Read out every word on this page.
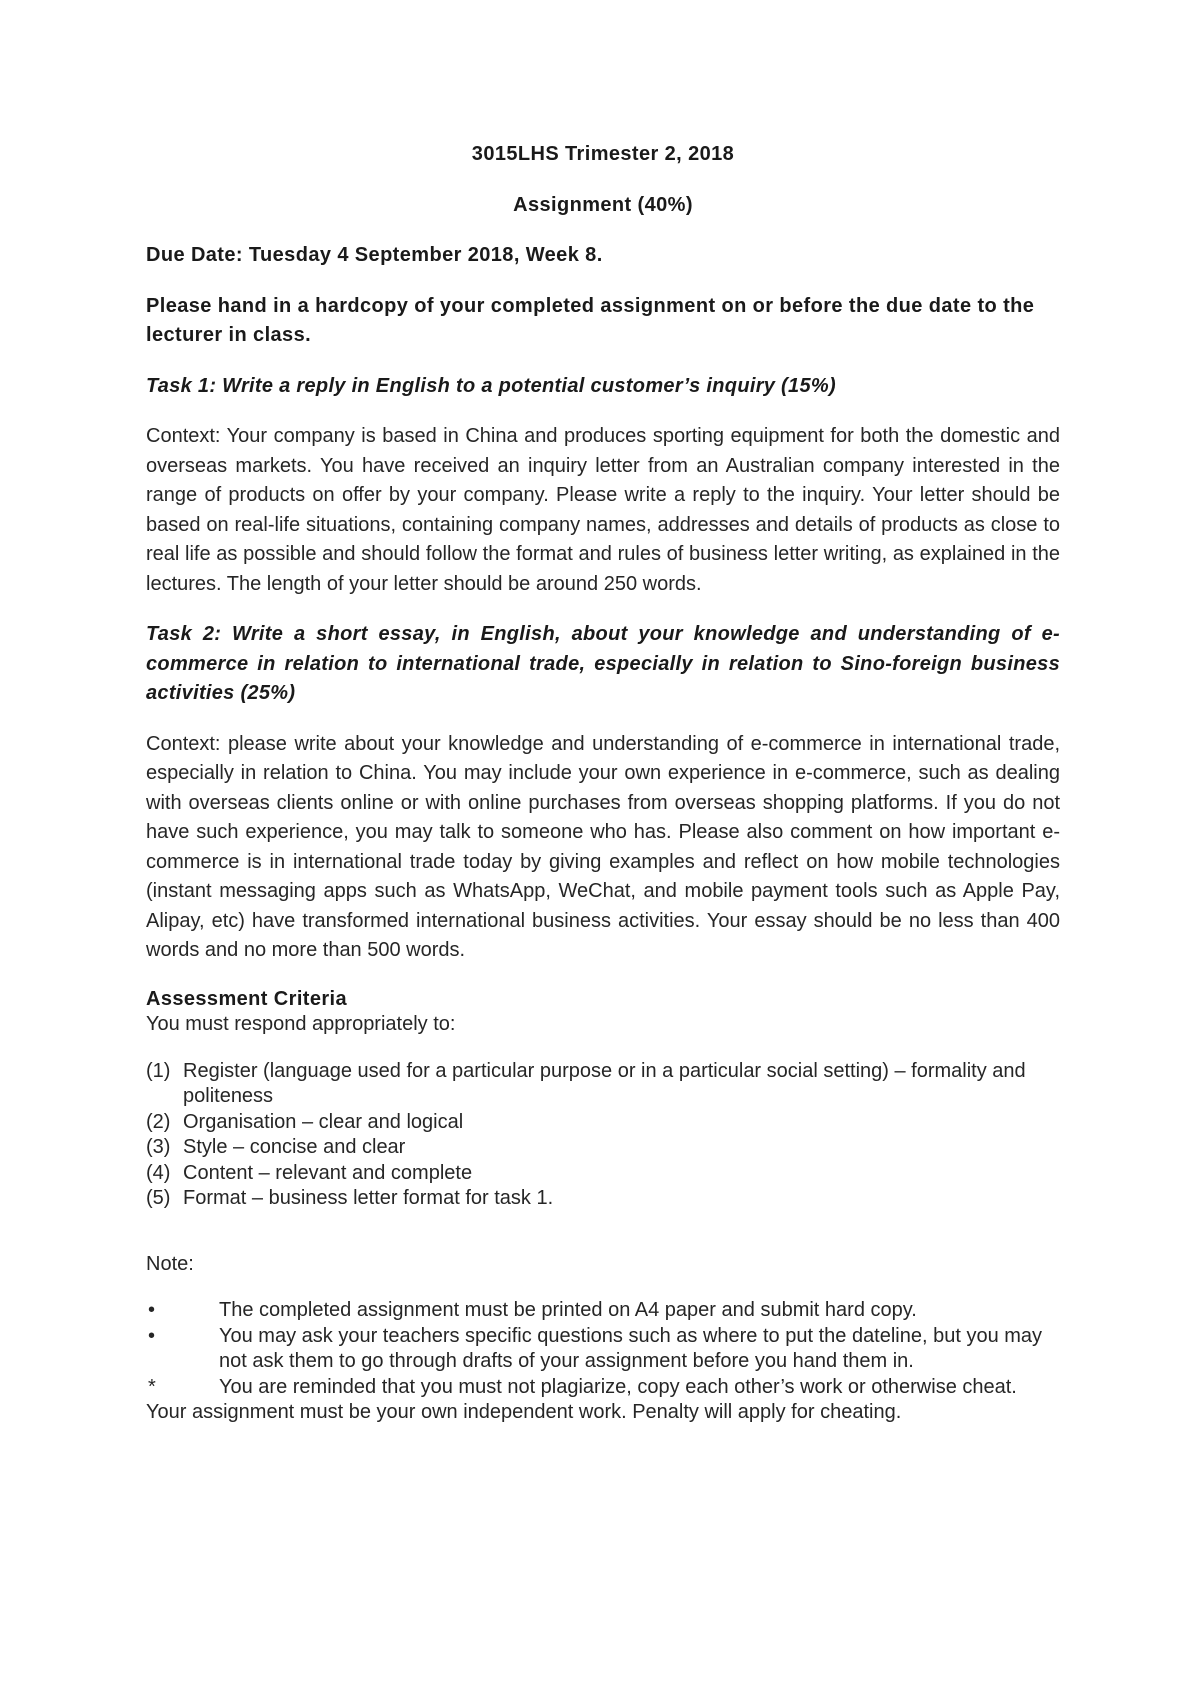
3015LHS Trimester 2, 2018
Assignment (40%)
Due Date: Tuesday 4 September 2018, Week 8.
Please hand in a hardcopy of your completed assignment on or before the due date to the lecturer in class.
Task 1: Write a reply in English to a potential customer’s inquiry (15%)
Context: Your company is based in China and produces sporting equipment for both the domestic and overseas markets. You have received an inquiry letter from an Australian company interested in the range of products on offer by your company. Please write a reply to the inquiry. Your letter should be based on real-life situations, containing company names, addresses and details of products as close to real life as possible and should follow the format and rules of business letter writing, as explained in the lectures. The length of your letter should be around 250 words.
Task 2: Write a short essay, in English, about your knowledge and understanding of e-commerce in relation to international trade, especially in relation to Sino-foreign business activities (25%)
Context: please write about your knowledge and understanding of e-commerce in international trade, especially in relation to China. You may include your own experience in e-commerce, such as dealing with overseas clients online or with online purchases from overseas shopping platforms. If you do not have such experience, you may talk to someone who has. Please also comment on how important e-commerce is in international trade today by giving examples and reflect on how mobile technologies (instant messaging apps such as WhatsApp, WeChat, and mobile payment tools such as Apple Pay, Alipay, etc) have transformed international business activities. Your essay should be no less than 400 words and no more than 500 words.
Assessment Criteria
You must respond appropriately to:
(1) Register (language used for a particular purpose or in a particular social setting) – formality and politeness
(2) Organisation – clear and logical
(3) Style – concise and clear
(4) Content – relevant and complete
(5) Format – business letter format for task 1.
Note:
•	The completed assignment must be printed on A4 paper and submit hard copy.
•	You may ask your teachers specific questions such as where to put the dateline, but you may not ask them to go through drafts of your assignment before you hand them in.
*	You are reminded that you must not plagiarize, copy each other’s work or otherwise cheat. Your assignment must be your own independent work. Penalty will apply for cheating.
